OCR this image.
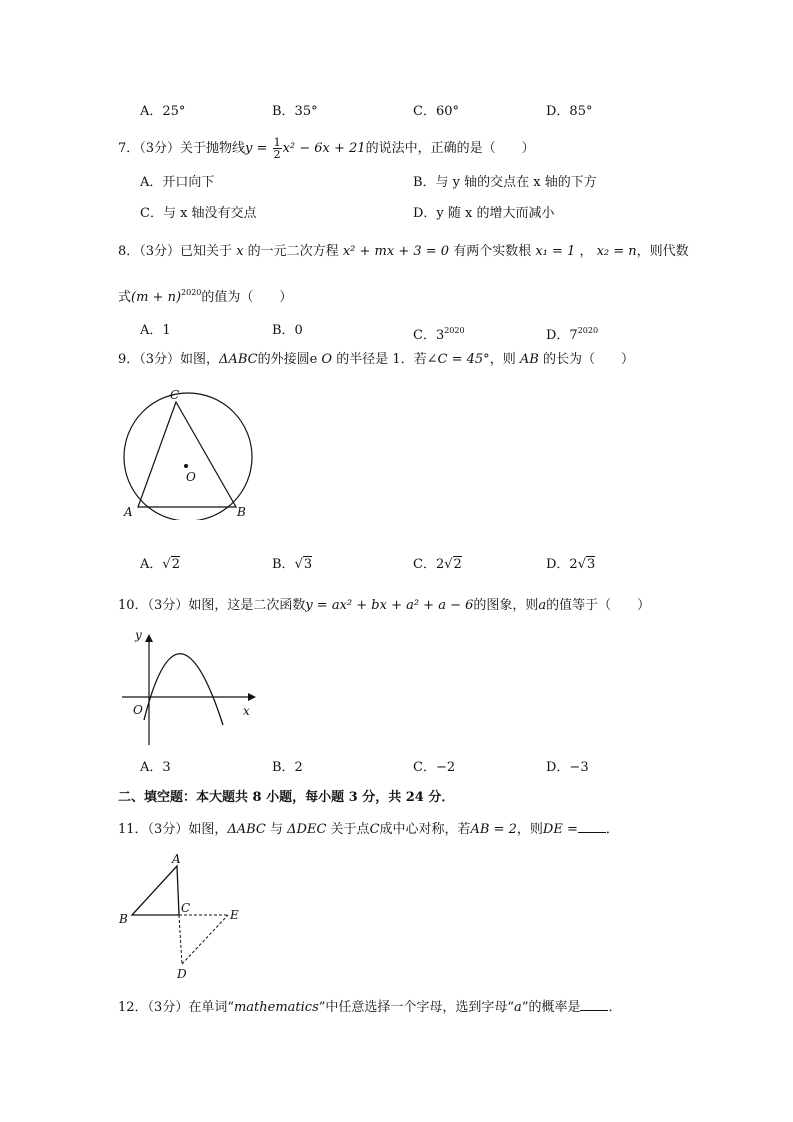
A．25°	B．35°	C．60°	D．85°
7．（3分）关于抛物线$y = \frac{1}{2} x^2 - 6x + 21$的说法中，正确的是（　　）
A．开口向下	B．与 y 轴的交点在 x 轴的下方
C．与 x 轴没有交点	D．y 随 x 的增大而减小
8．（3分）已知关于 x 的一元二次方程 x² + mx + 3 = 0 有两个实数根 x₁ = 1 ， x₂ = n，则代数
式$(m + n)^{2020}$的值为（　　）
A．1	B．0	C．$3^{2020}$	D．$7^{2020}$
9．（3分）如图，ΔABC的外接圆e O 的半径是 1．若∠C = 45°，则 AB 的长为（　　）
C
O
A	B
A．√2	B．√3	C．2√2	D．2√3
10．（3分）如图，这是二次函数y = ax² + bx + a² + a − 6的图象，则a的值等于（　　）
y
O	x
A．3	B．2	C．−2	D．−3
二、填空题：本大题共 8 小题，每小题 3 分，共 24 分．
11．（3分）如图，ΔABC 与 ΔDEC 关于点C成中心对称，若AB = 2，则DE = ．
A
B
C	E
D
12．（3分）在单词“mathematics”中任意选择一个字母，选到字母“a”的概率是 ．
